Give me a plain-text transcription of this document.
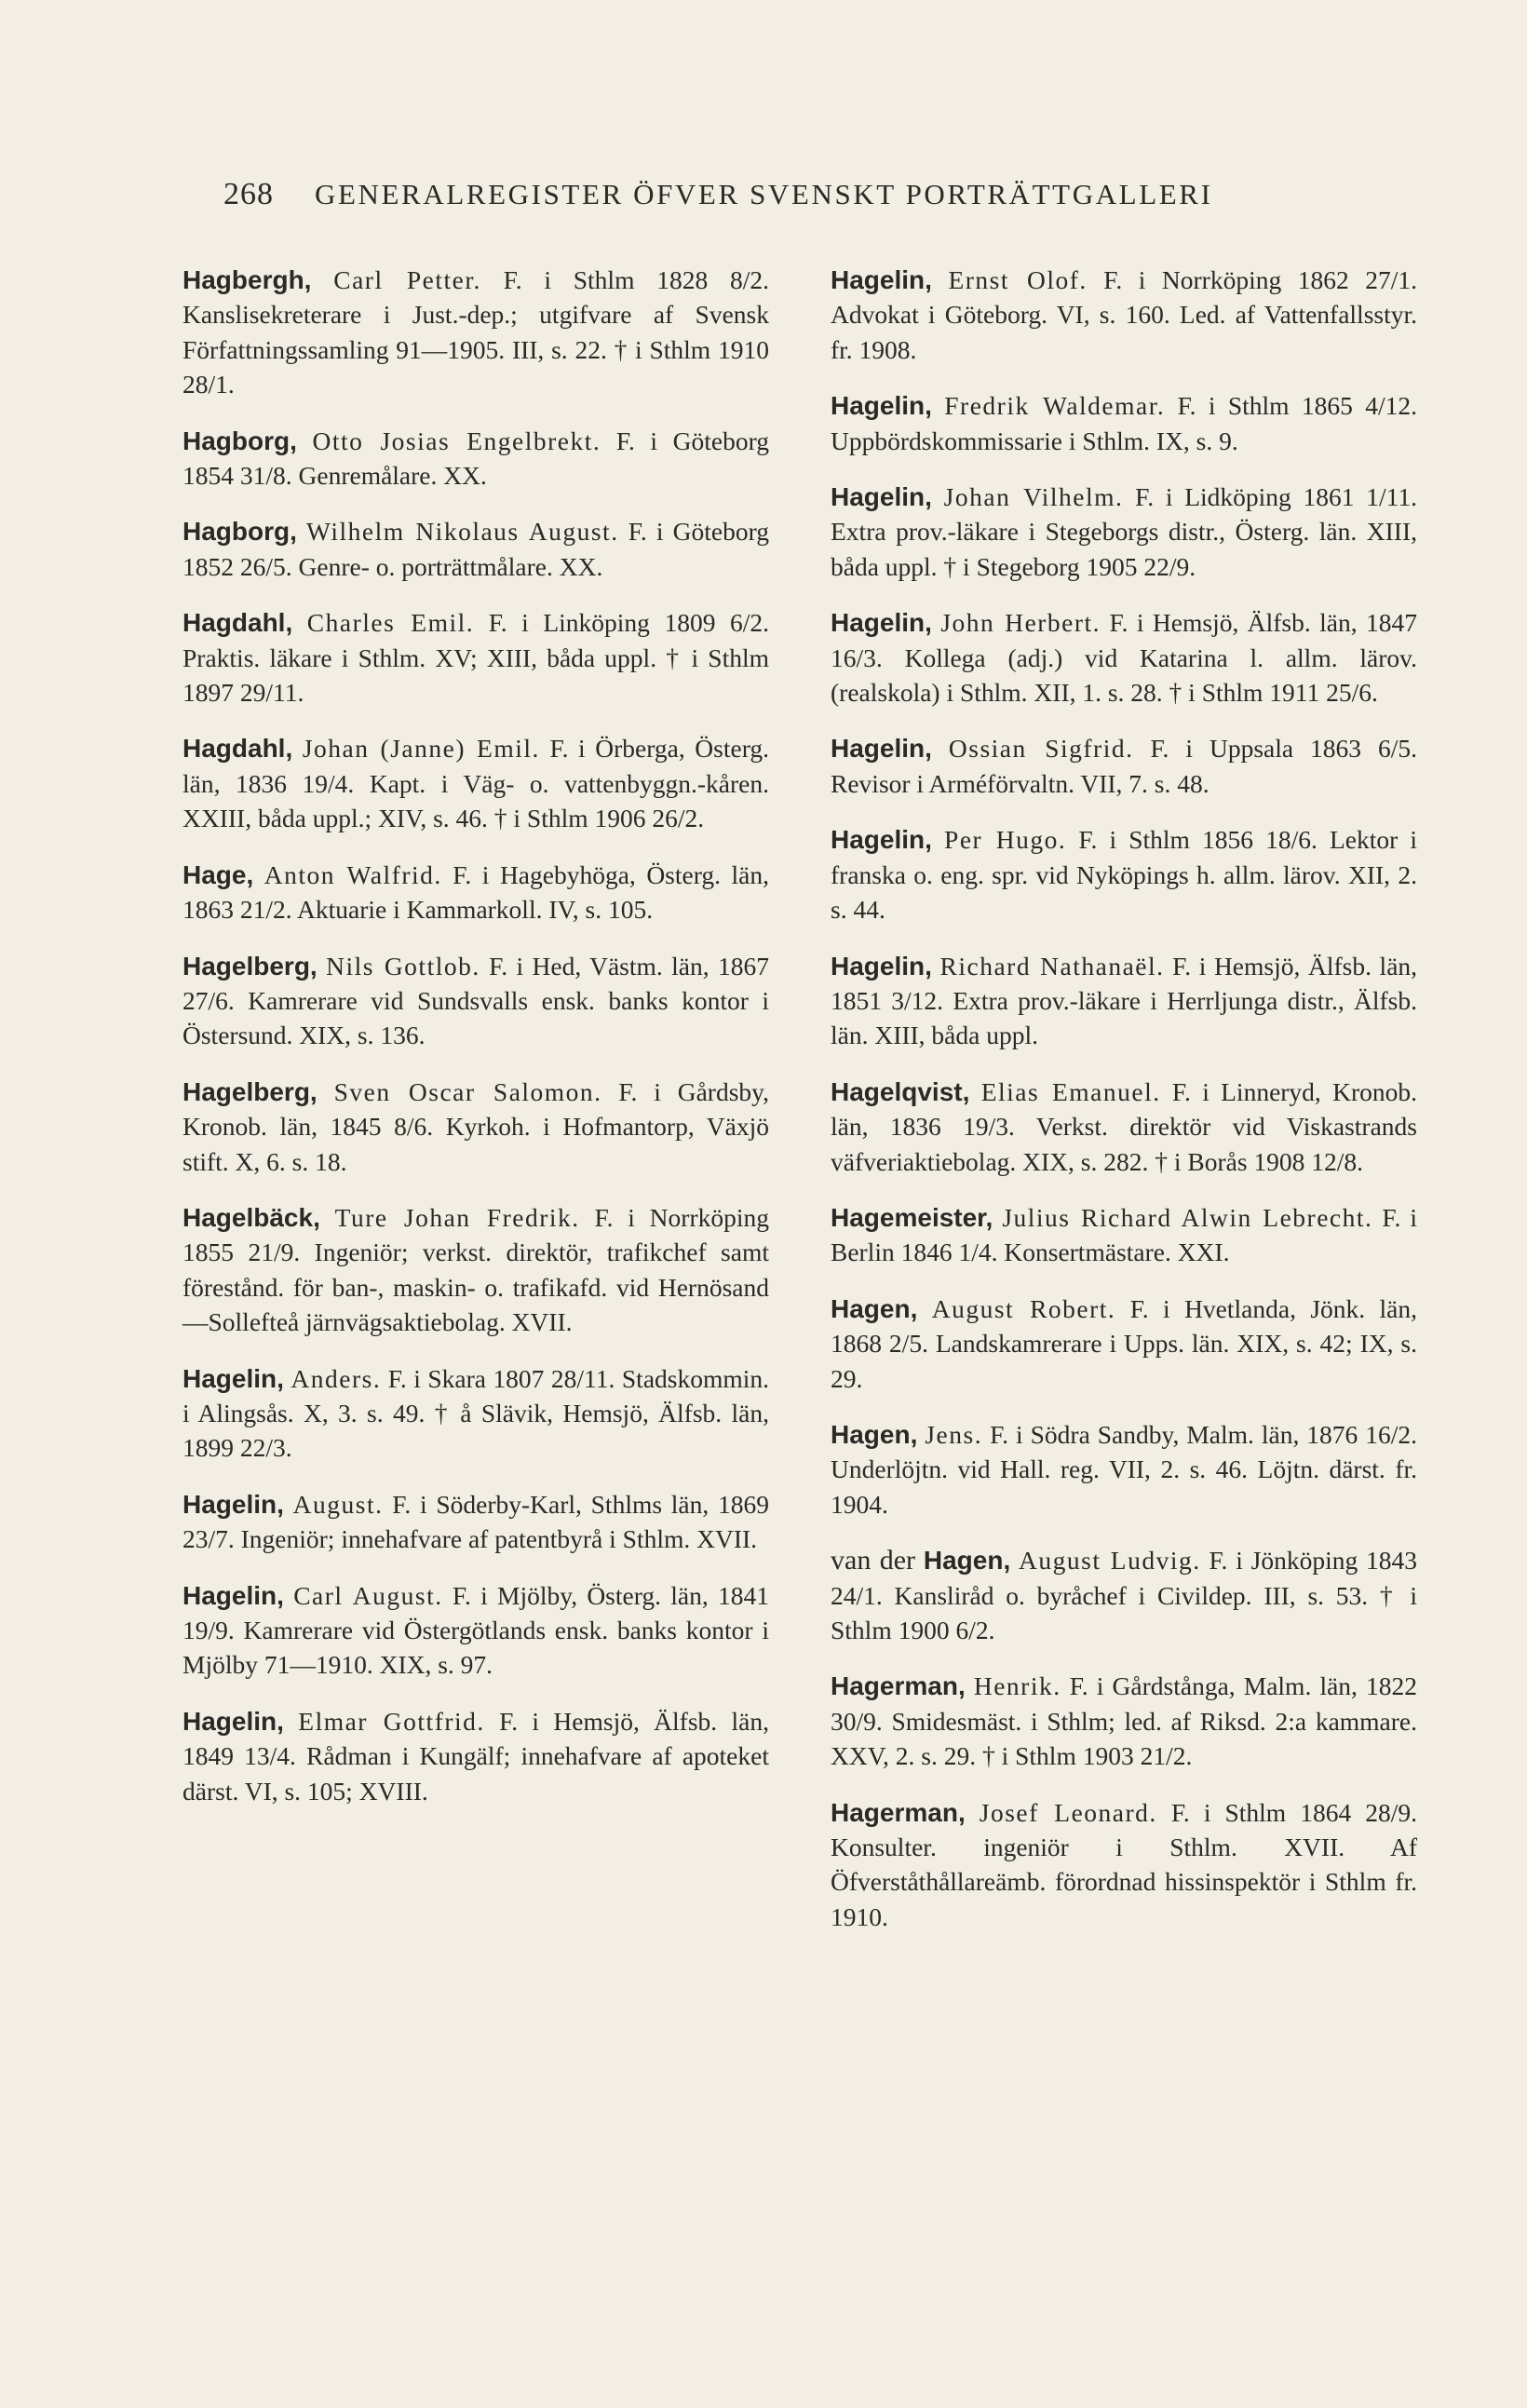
268 GENERALREGISTER ÖFVER SVENSKT PORTRÄTTGALLERI

Hagbergh, Carl Petter. F. i Sthlm 1828 8/2. Kanslisekreterare i Just.-dep.; utgifvare af Svensk Författningssamling 91—1905. III, s. 22. † i Sthlm 1910 28/1.

Hagborg, Otto Josias Engelbrekt. F. i Göteborg 1854 31/8. Genremålare. XX.

Hagborg, Wilhelm Nikolaus August. F. i Göteborg 1852 26/5. Genre- o. porträttmålare. XX.

Hagdahl, Charles Emil. F. i Linköping 1809 6/2. Praktis. läkare i Sthlm. XV; XIII, båda uppl. † i Sthlm 1897 29/11.

Hagdahl, Johan (Janne) Emil. F. i Örberga, Österg. län, 1836 19/4. Kapt. i Väg- o. vattenbyggn.-kåren. XXIII, båda uppl.; XIV, s. 46. † i Sthlm 1906 26/2.

Hage, Anton Walfrid. F. i Hagebyhöga, Österg. län, 1863 21/2. Aktuarie i Kammarkoll. IV, s. 105.

Hagelberg, Nils Gottlob. F. i Hed, Västm. län, 1867 27/6. Kamrerare vid Sundsvalls ensk. banks kontor i Östersund. XIX, s. 136.

Hagelberg, Sven Oscar Salomon. F. i Gårdsby, Kronob. län, 1845 8/6. Kyrkoh. i Hofmantorp, Växjö stift. X, 6. s. 18.

Hagelbäck, Ture Johan Fredrik. F. i Norrköping 1855 21/9. Ingeniör; verkst. direktör, trafikchef samt förestånd. för ban-, maskin- o. trafikafd. vid Hernösand—Sollefteå järnvägsaktiebolag. XVII.

Hagelin, Anders. F. i Skara 1807 28/11. Stadskommin. i Alingsås. X, 3. s. 49. † å Slävik, Hemsjö, Älfsb. län, 1899 22/3.

Hagelin, August. F. i Söderby-Karl, Sthlms län, 1869 23/7. Ingeniör; innehafvare af patentbyrå i Sthlm. XVII.

Hagelin, Carl August. F. i Mjölby, Österg. län, 1841 19/9. Kamrerare vid Östergötlands ensk. banks kontor i Mjölby 71—1910. XIX, s. 97.

Hagelin, Elmar Gottfrid. F. i Hemsjö, Älfsb. län, 1849 13/4. Rådman i Kungälf; innehafvare af apoteket därst. VI, s. 105; XVIII.

Hagelin, Ernst Olof. F. i Norrköping 1862 27/1. Advokat i Göteborg. VI, s. 160. Led. af Vattenfallsstyr. fr. 1908.

Hagelin, Fredrik Waldemar. F. i Sthlm 1865 4/12. Uppbördskommissarie i Sthlm. IX, s. 9.

Hagelin, Johan Vilhelm. F. i Lidköping 1861 1/11. Extra prov.-läkare i Stegeborgs distr., Österg. län. XIII, båda uppl. † i Stegeborg 1905 22/9.

Hagelin, John Herbert. F. i Hemsjö, Älfsb. län, 1847 16/3. Kollega (adj.) vid Katarina l. allm. lärov. (realskola) i Sthlm. XII, 1. s. 28. † i Sthlm 1911 25/6.

Hagelin, Ossian Sigfrid. F. i Uppsala 1863 6/5. Revisor i Arméförvaltn. VII, 7. s. 48.

Hagelin, Per Hugo. F. i Sthlm 1856 18/6. Lektor i franska o. eng. spr. vid Nyköpings h. allm. lärov. XII, 2. s. 44.

Hagelin, Richard Nathanaël. F. i Hemsjö, Älfsb. län, 1851 3/12. Extra prov.-läkare i Herrljunga distr., Älfsb. län. XIII, båda uppl.

Hagelqvist, Elias Emanuel. F. i Linneryd, Kronob. län, 1836 19/3. Verkst. direktör vid Viskastrands väfveriaktiebolag. XIX, s. 282. † i Borås 1908 12/8.

Hagemeister, Julius Richard Alwin Lebrecht. F. i Berlin 1846 1/4. Konsertmästare. XXI.

Hagen, August Robert. F. i Hvetlanda, Jönk. län, 1868 2/5. Landskamrerare i Upps. län. XIX, s. 42; IX, s. 29.

Hagen, Jens. F. i Södra Sandby, Malm. län, 1876 16/2. Underlöjtn. vid Hall. reg. VII, 2. s. 46. Löjtn. därst. fr. 1904.

van der Hagen, August Ludvig. F. i Jönköping 1843 24/1. Kansliråd o. byråchef i Civildep. III, s. 53. † i Sthlm 1900 6/2.

Hagerman, Henrik. F. i Gårdstånga, Malm. län, 1822 30/9. Smidesmäst. i Sthlm; led. af Riksd. 2:a kammare. XXV, 2. s. 29. † i Sthlm 1903 21/2.

Hagerman, Josef Leonard. F. i Sthlm 1864 28/9. Konsulter. ingeniör i Sthlm. XVII. Af Öfverståthållareämb. förordnad hissinspektör i Sthlm fr. 1910.
